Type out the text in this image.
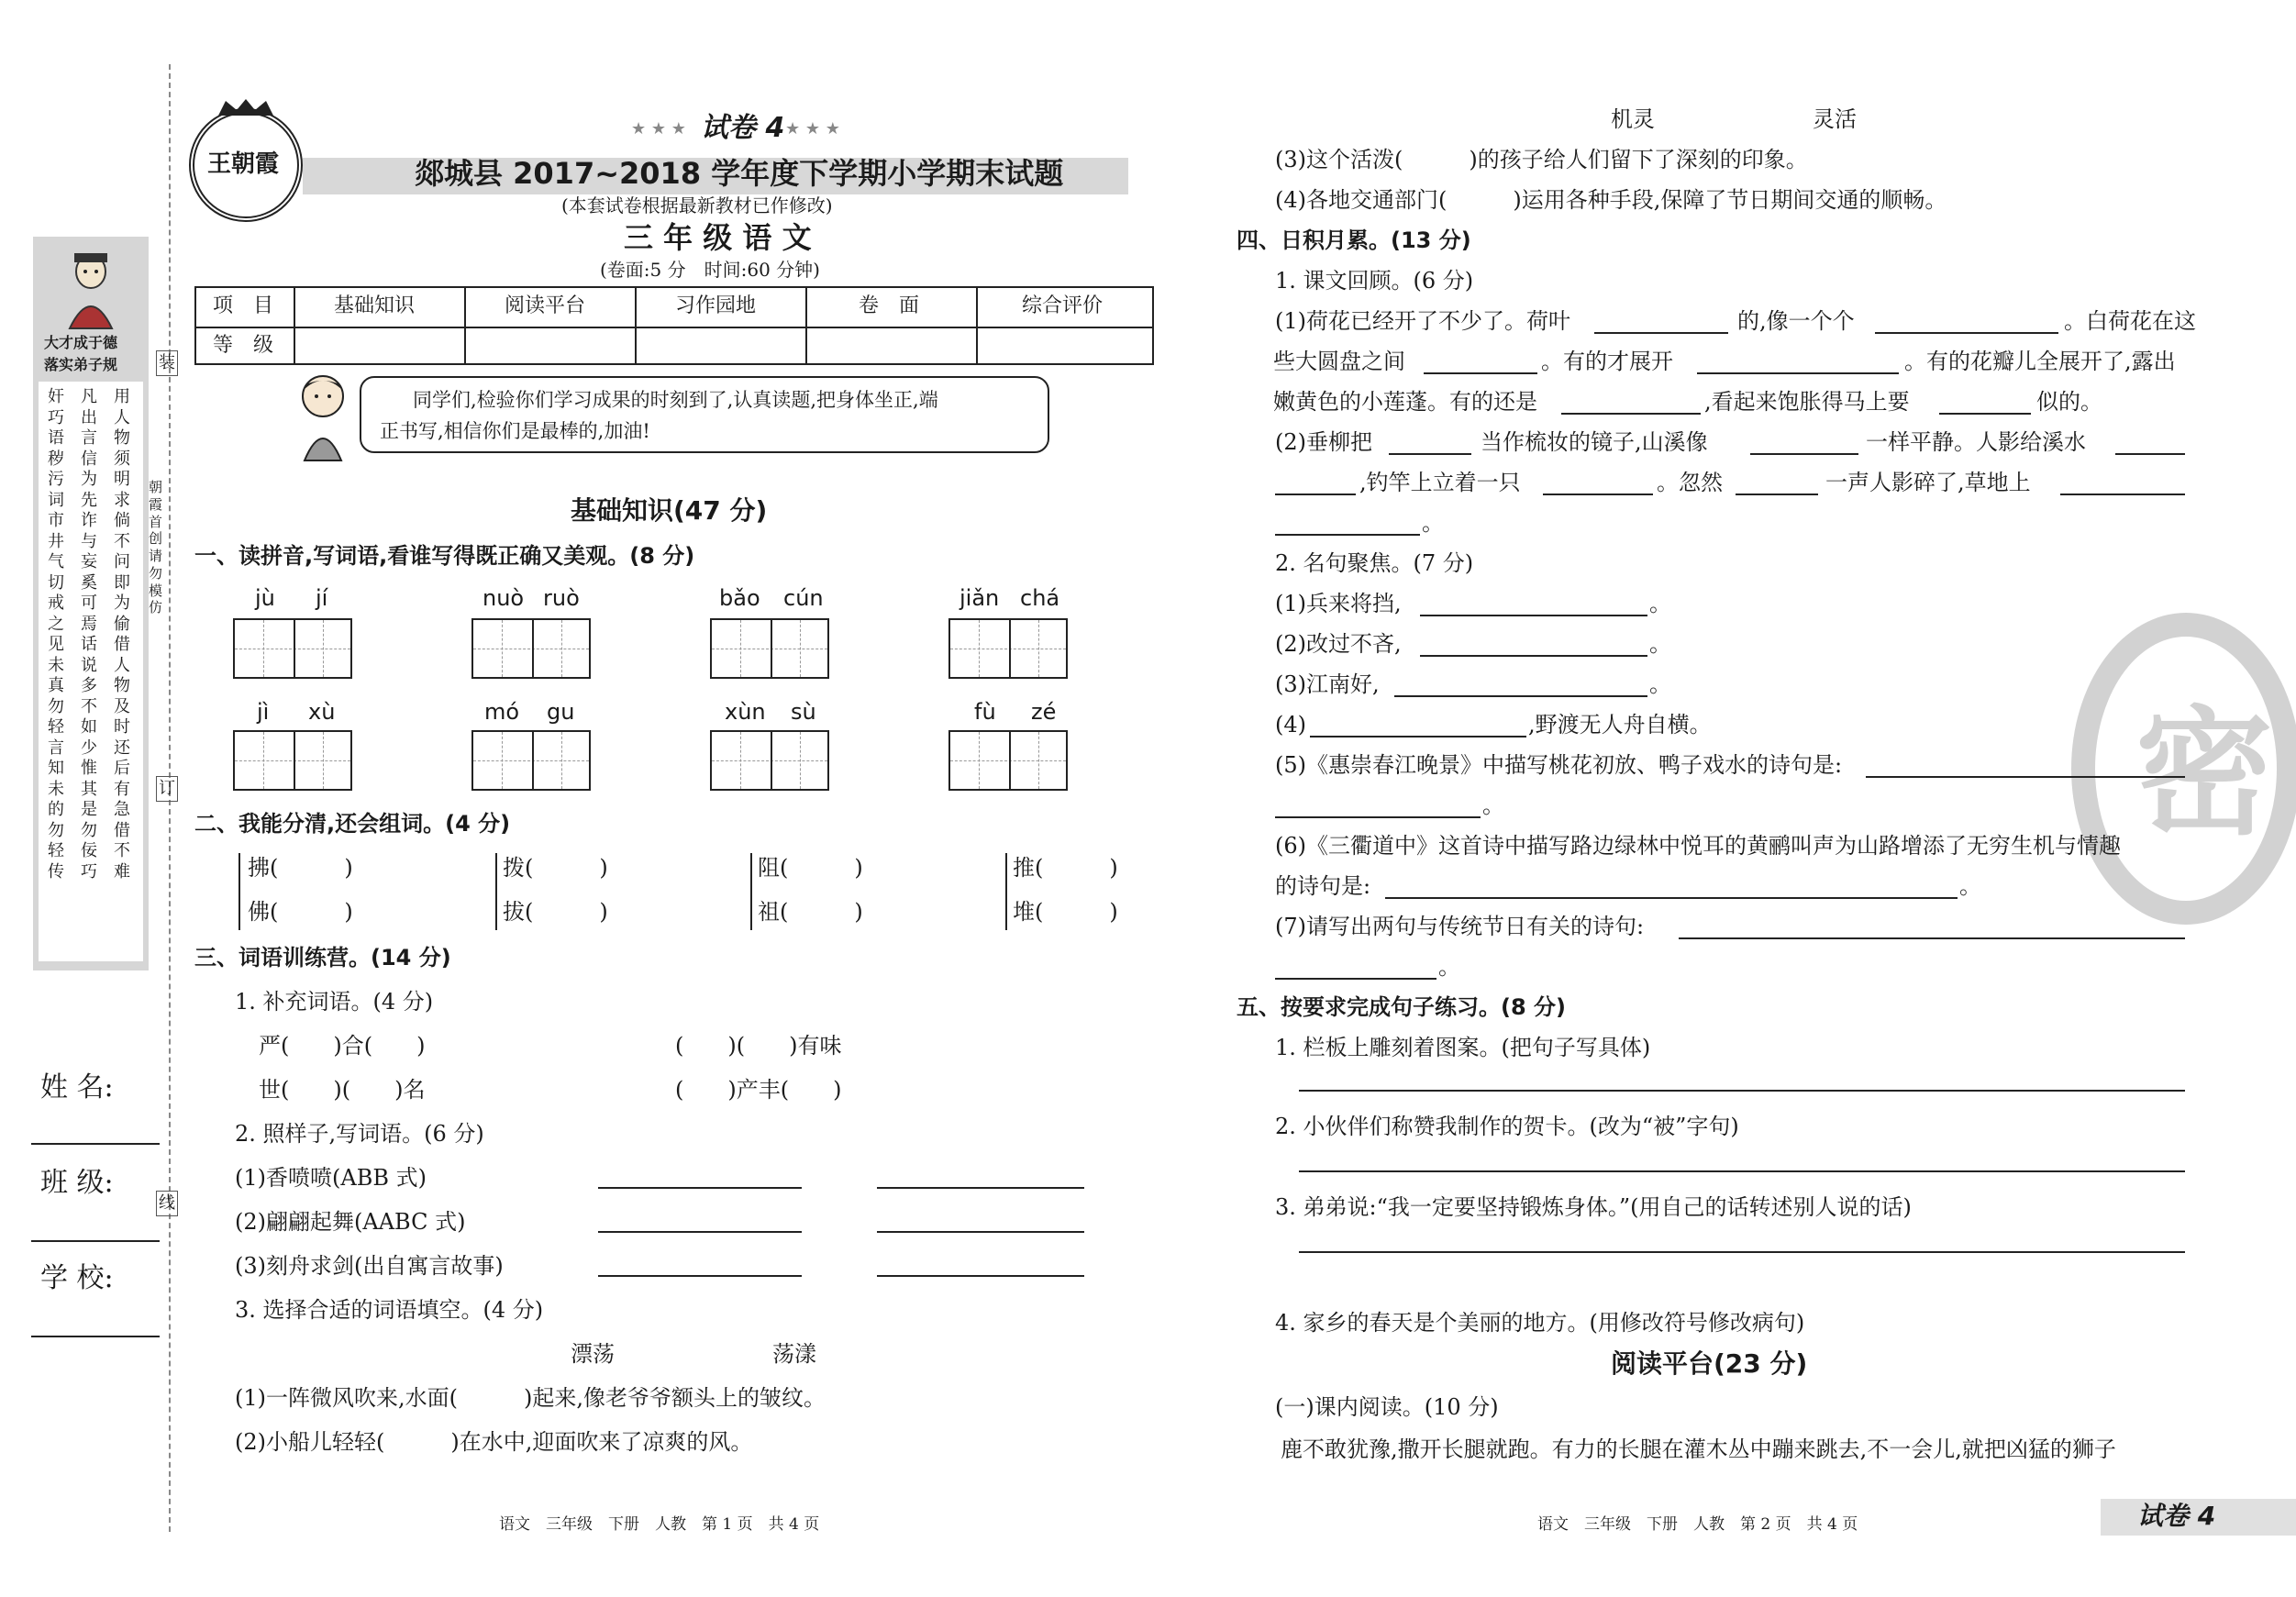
大才成于德
落实弟子规
奸巧语秽污词市井气切戒之见未真勿轻言知未的勿轻传
凡出言信为先诈与妄奚可焉话说多不如少惟其是勿佞巧
用人物须明求倘不问即为偷借人物及时还后有急借不难
朝霞首创 请勿模仿
装
订
线
姓 名:
班 级:
学 校:
王朝霞
试卷 4
★ ★ ★	★ ★ ★
郯城县 2017~2018 学年度下学期小学期末试题
(本套试卷根据最新教材已作修改)
三 年 级 语 文
(卷面:5 分　时间:60 分钟)
项　目	基础知识	阅读平台	习作园地	卷　面	综合评价
等　级
同学们,检验你们学习成果的时刻到了,认真读题,把身体坐正,端
正书写,相信你们是最棒的,加油!
基础知识(47 分)
一、读拼音,写词语,看谁写得既正确又美观。(8 分)
jù jí	nuò ruò	bǎo cún	jiǎn chá
jì xù	mó gu	xùn sù	fù zé
二、我能分清,还会组词。(4 分)
拂(　　　)
佛(　　　)
拨(　　　)
拔(　　　)
阻(　　　)
祖(　　　)
推(　　　)
堆(　　　)
三、词语训练营。(14 分)
1. 补充词语。(4 分)
严(　　)合(　　)	(　　)(　　)有味
世(　　)(　　)名	(　　)产丰(　　)
2. 照样子,写词语。(6 分)
(1)香喷喷(ABB 式)
(2)翩翩起舞(AABC 式)
(3)刻舟求剑(出自寓言故事)
3. 选择合适的词语填空。(4 分)
漂荡	荡漾
(1)一阵微风吹来,水面(　　　)起来,像老爷爷额头上的皱纹。
(2)小船儿轻轻(　　　)在水中,迎面吹来了凉爽的风。
语文　三年级　下册　人教　第 1 页　共 4 页
密
机灵	灵活
(3)这个活泼(　　　)的孩子给人们留下了深刻的印象。
(4)各地交通部门(　　　)运用各种手段,保障了节日期间交通的顺畅。
四、日积月累。(13 分)
1. 课文回顾。(6 分)
(1)荷花已经开了不少了。荷叶	的,像一个个	。白荷花在这
些大圆盘之间	。有的才展开	。有的花瓣儿全展开了,露出
嫩黄色的小莲蓬。有的还是	,看起来饱胀得马上要	似的。
(2)垂柳把	当作梳妆的镜子,山溪像	一样平静。人影给溪水
,钓竿上立着一只	。忽然	一声人影碎了,草地上
。
2. 名句聚焦。(7 分)
(1)兵来将挡,	。
(2)改过不吝,	。
(3)江南好,	。
(4)	,野渡无人舟自横。
(5)《惠崇春江晚景》中描写桃花初放、鸭子戏水的诗句是:
。
(6)《三衢道中》这首诗中描写路边绿林中悦耳的黄鹂叫声为山路增添了无穷生机与情趣
的诗句是:	。
(7)请写出两句与传统节日有关的诗句:
。
五、按要求完成句子练习。(8 分)
1. 栏板上雕刻着图案。(把句子写具体)
2. 小伙伴们称赞我制作的贺卡。(改为“被”字句)
3. 弟弟说:“我一定要坚持锻炼身体。”(用自己的话转述别人说的话)
4. 家乡的春天是个美丽的地方。(用修改符号修改病句)
阅读平台(23 分)
(一)课内阅读。(10 分)
鹿不敢犹豫,撒开长腿就跑。有力的长腿在灌木丛中蹦来跳去,不一会儿,就把凶猛的狮子
语文　三年级　下册　人教　第 2 页　共 4 页	试卷 4
